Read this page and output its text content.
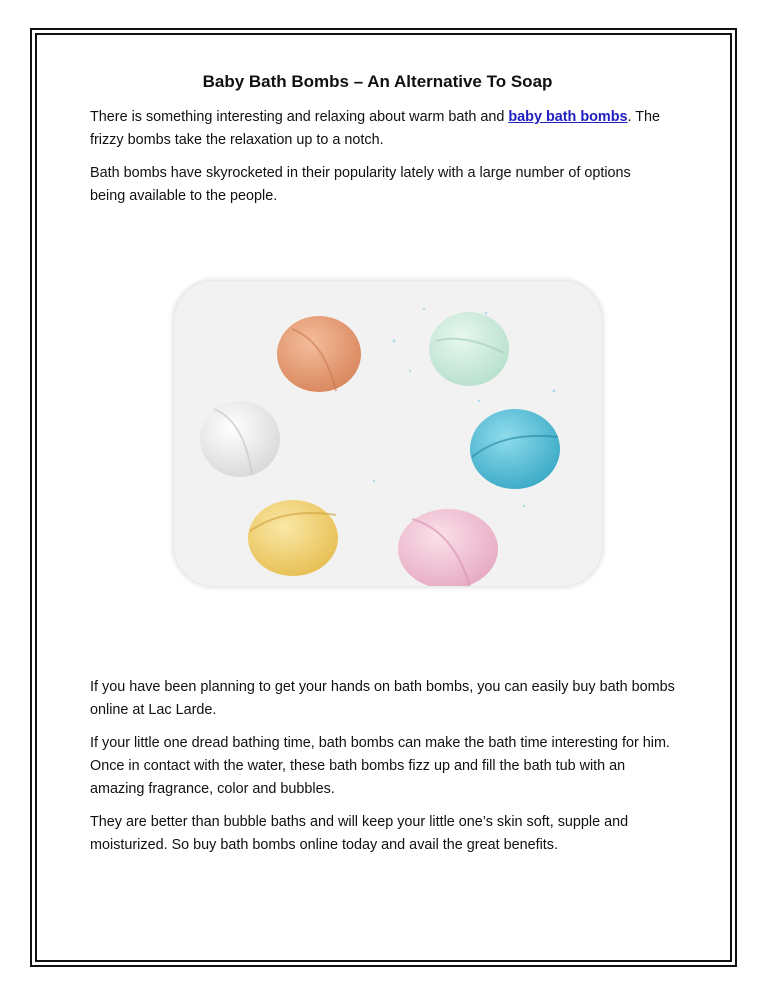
Baby Bath Bombs – An Alternative To Soap

There is something interesting and relaxing about warm bath and baby bath bombs. The frizzy bombs take the relaxation up to a notch.

Bath bombs have skyrocketed in their popularity lately with a large number of options being available to the people.

If you have been planning to get your hands on bath bombs, you can easily buy bath bombs online at Lac Larde.

If your little one dread bathing time, bath bombs can make the bath time interesting for him. Once in contact with the water, these bath bombs fizz up and fill the bath tub with an amazing fragrance, color and bubbles.

They are better than bubble baths and will keep your little one’s skin soft, supple and moisturized. So buy bath bombs online today and avail the great benefits.
